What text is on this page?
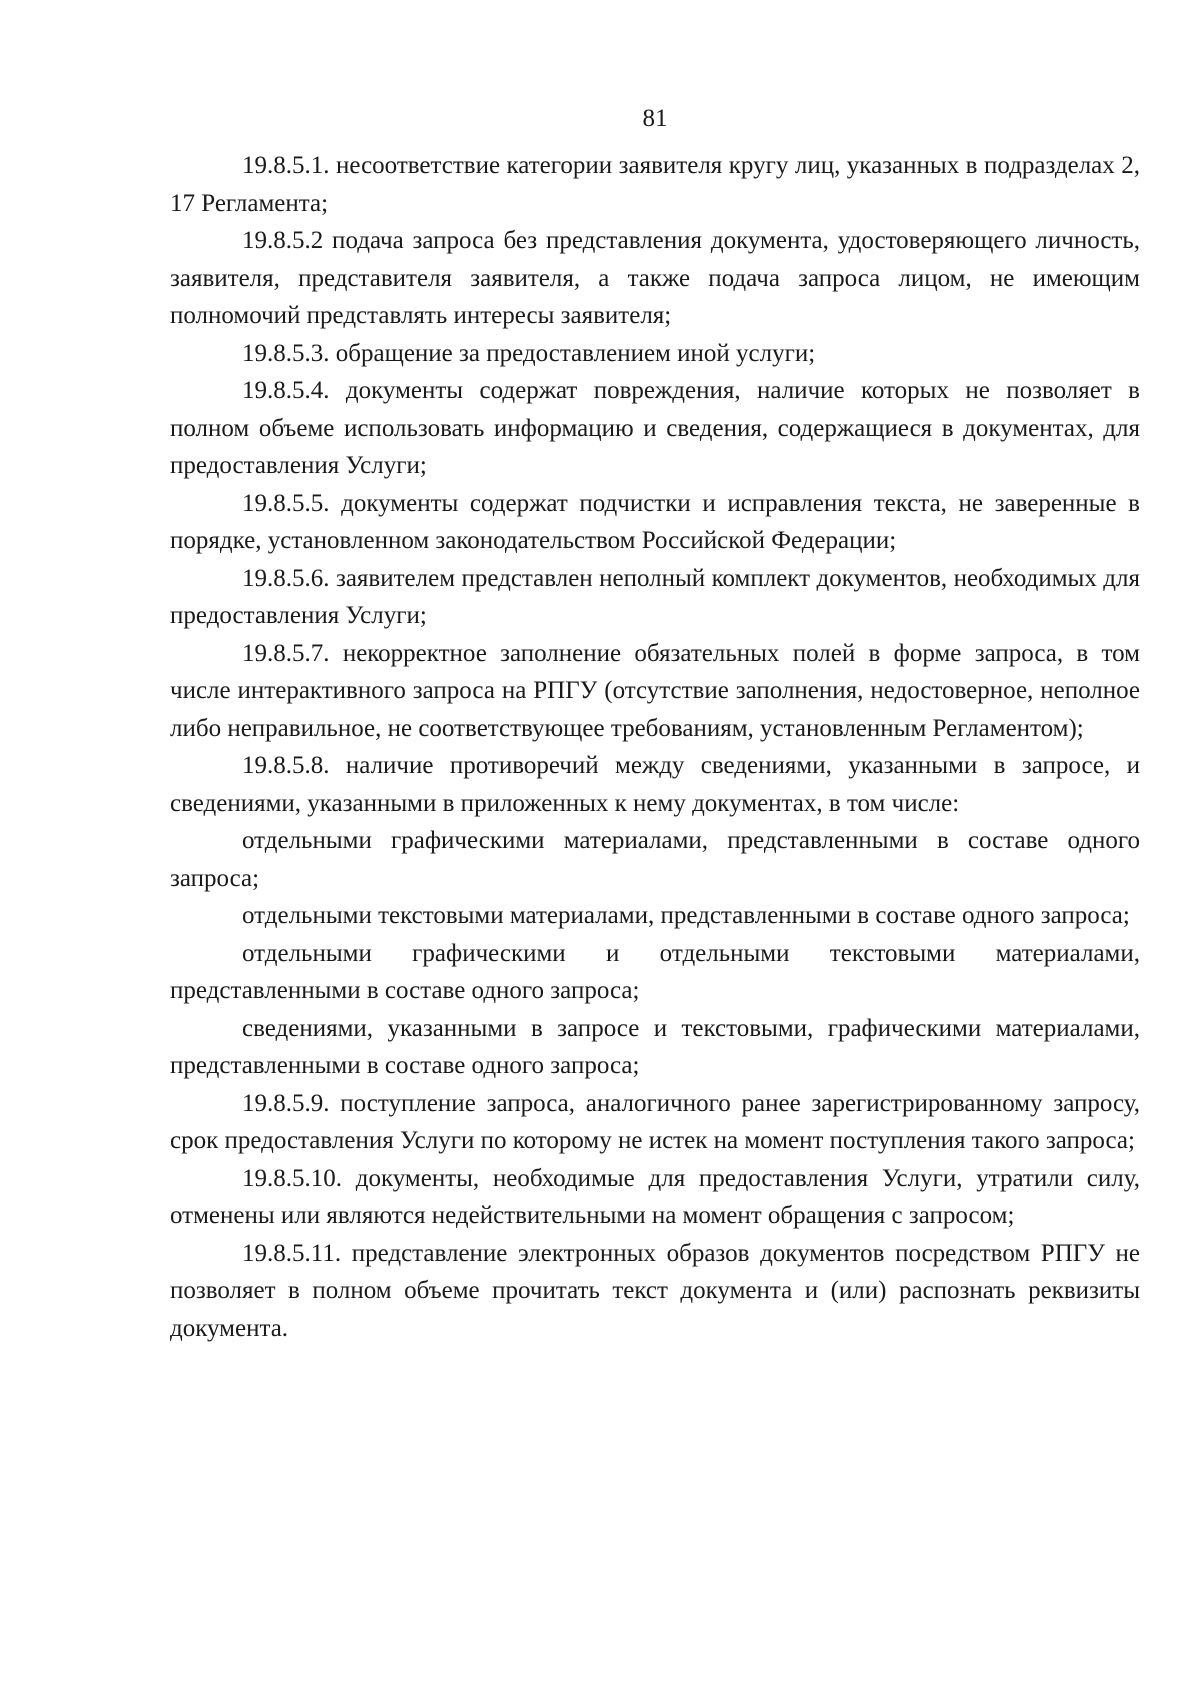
81

19.8.5.1. несоответствие категории заявителя кругу лиц, указанных в подразделах 2, 17 Регламента;

19.8.5.2 подача запроса без представления документа, удостоверяющего личность, заявителя, представителя заявителя, а также подача запроса лицом, не имеющим полномочий представлять интересы заявителя;

19.8.5.3. обращение за предоставлением иной услуги;

19.8.5.4. документы содержат повреждения, наличие которых не позволяет в полном объеме использовать информацию и сведения, содержащиеся в документах, для предоставления Услуги;

19.8.5.5. документы содержат подчистки и исправления текста, не заверенные в порядке, установленном законодательством Российской Федерации;

19.8.5.6. заявителем представлен неполный комплект документов, необходимых для предоставления Услуги;

19.8.5.7. некорректное заполнение обязательных полей в форме запроса, в том числе интерактивного запроса на РПГУ (отсутствие заполнения, недостоверное, неполное либо неправильное, не соответствующее требованиям, установленным Регламентом);

19.8.5.8. наличие противоречий между сведениями, указанными в запросе, и сведениями, указанными в приложенных к нему документах, в том числе:

отдельными графическими материалами, представленными в составе одного запроса;

отдельными текстовыми материалами, представленными в составе одного запроса;

отдельными графическими и отдельными текстовыми материалами, представленными в составе одного запроса;

сведениями, указанными в запросе и текстовыми, графическими материалами, представленными в составе одного запроса;

19.8.5.9. поступление запроса, аналогичного ранее зарегистрированному запросу, срок предоставления Услуги по которому не истек на момент поступления такого запроса;

19.8.5.10. документы, необходимые для предоставления Услуги, утратили силу, отменены или являются недействительными на момент обращения с запросом;

19.8.5.11. представление электронных образов документов посредством РПГУ не позволяет в полном объеме прочитать текст документа и (или) распознать реквизиты документа.
